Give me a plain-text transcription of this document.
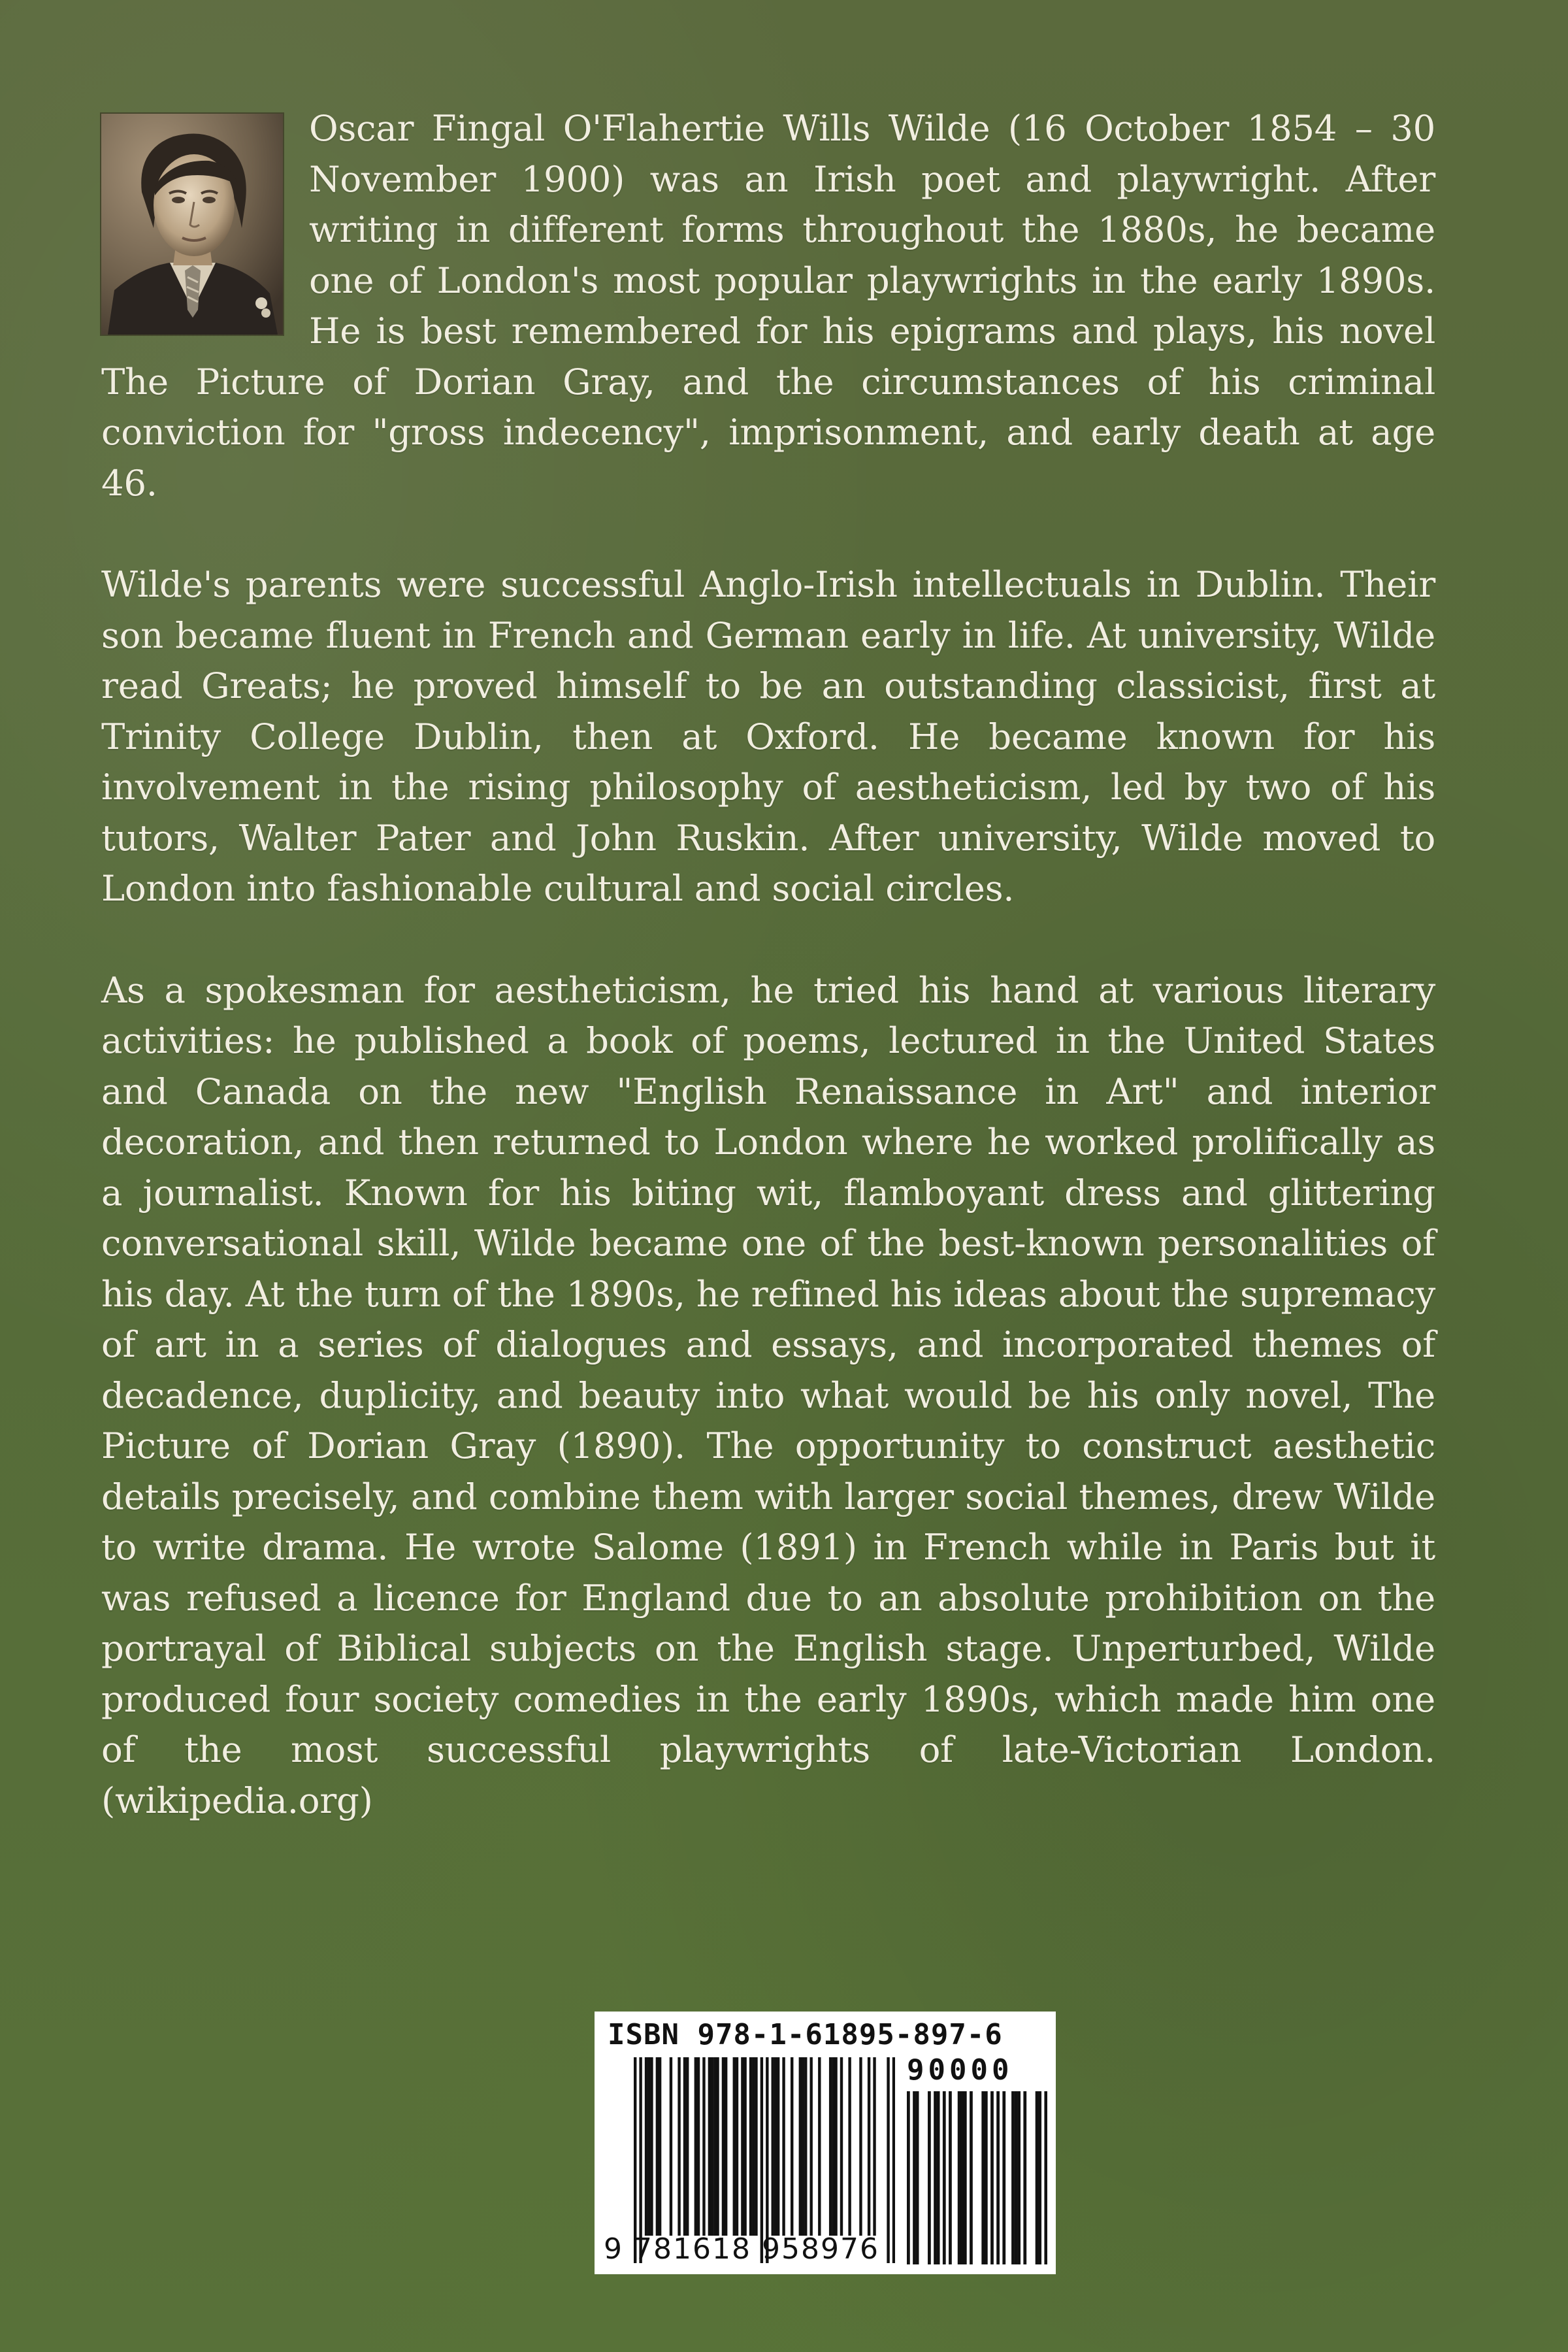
Oscar Fingal O'Flahertie Wills Wilde (16 October 1854 – 30 November 1900) was an Irish poet and playwright. After writing in different forms throughout the 1880s, he became one of London's most popular playwrights in the early 1890s. He is best remembered for his epigrams and plays, his novel The Picture of Dorian Gray, and the circumstances of his criminal conviction for "gross indecency", imprisonment, and early death at age 46.

Wilde's parents were successful Anglo-Irish intellectuals in Dublin. Their son became fluent in French and German early in life. At university, Wilde read Greats; he proved himself to be an outstanding classicist, first at Trinity College Dublin, then at Oxford. He became known for his involvement in the rising philosophy of aestheticism, led by two of his tutors, Walter Pater and John Ruskin. After university, Wilde moved to London into fashionable cultural and social circles.

As a spokesman for aestheticism, he tried his hand at various literary activities: he published a book of poems, lectured in the United States and Canada on the new "English Renaissance in Art" and interior decoration, and then returned to London where he worked prolifically as a journalist. Known for his biting wit, flamboyant dress and glittering conversational skill, Wilde became one of the best-known personalities of his day. At the turn of the 1890s, he refined his ideas about the supremacy of art in a series of dialogues and essays, and incorporated themes of decadence, duplicity, and beauty into what would be his only novel, The Picture of Dorian Gray (1890). The opportunity to construct aesthetic details precisely, and combine them with larger social themes, drew Wilde to write drama. He wrote Salome (1891) in French while in Paris but it was refused a licence for England due to an absolute prohibition on the portrayal of Biblical subjects on the English stage. Unperturbed, Wilde produced four society comedies in the early 1890s, which made him one of the most successful playwrights of late-Victorian London. (wikipedia.org)

ISBN 978-1-61895-897-6
90000
9 781618 958976
